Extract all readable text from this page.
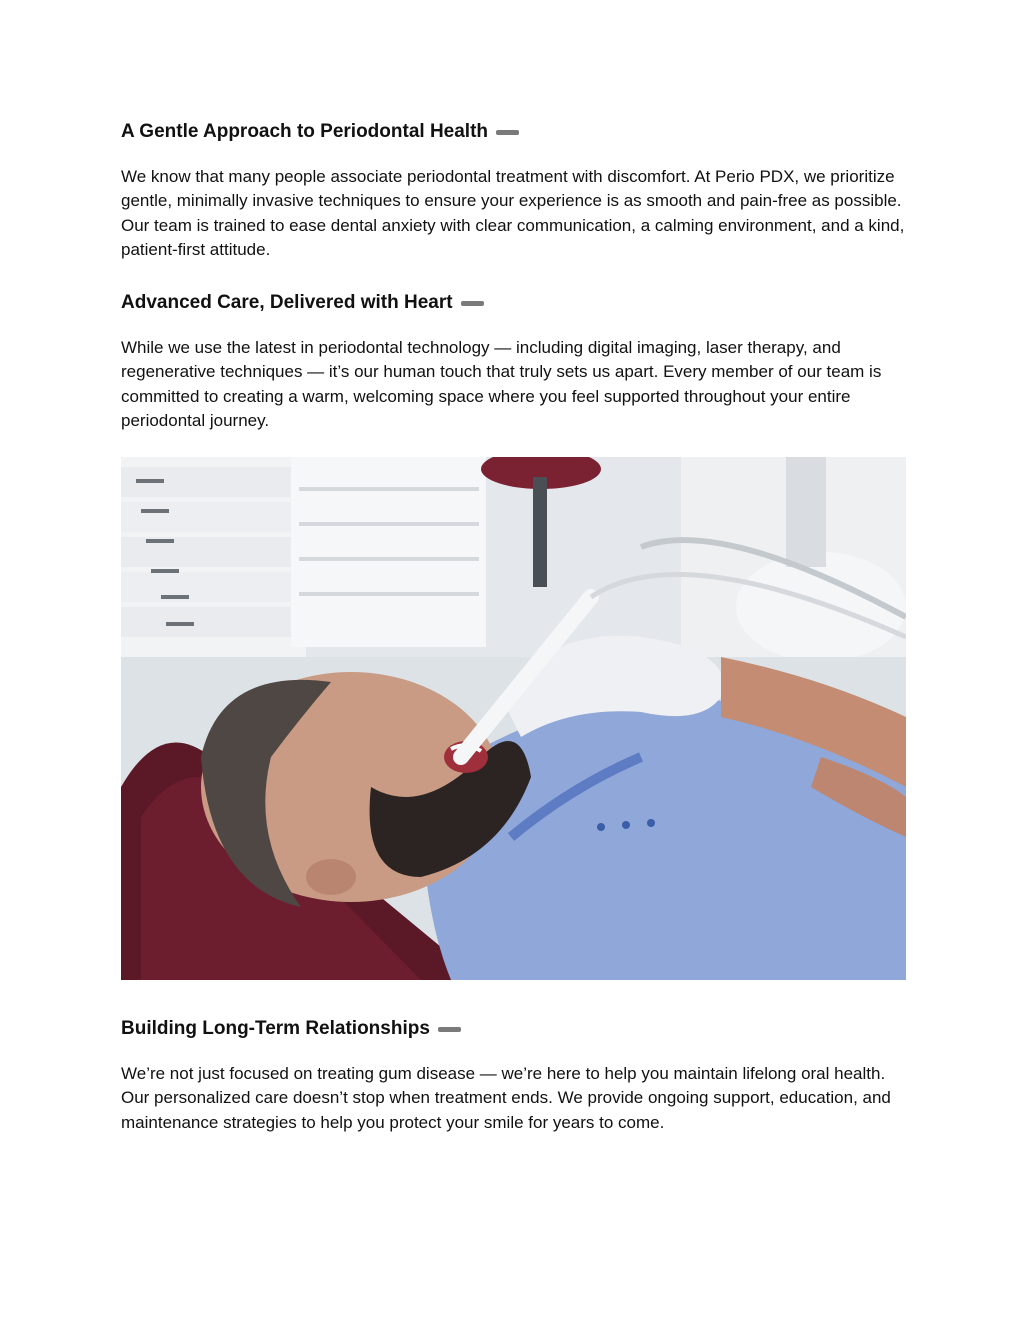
A Gentle Approach to Periodontal Health

We know that many people associate periodontal treatment with discomfort. At Perio PDX, we prioritize gentle, minimally invasive techniques to ensure your experience is as smooth and pain-free as possible. Our team is trained to ease dental anxiety with clear communication, a calming environment, and a kind, patient-first attitude.

Advanced Care, Delivered with Heart

While we use the latest in periodontal technology — including digital imaging, laser therapy, and regenerative techniques — it’s our human touch that truly sets us apart. Every member of our team is committed to creating a warm, welcoming space where you feel supported throughout your entire periodontal journey.

Building Long-Term Relationships

We’re not just focused on treating gum disease — we’re here to help you maintain lifelong oral health. Our personalized care doesn’t stop when treatment ends. We provide ongoing support, education, and maintenance strategies to help you protect your smile for years to come.
